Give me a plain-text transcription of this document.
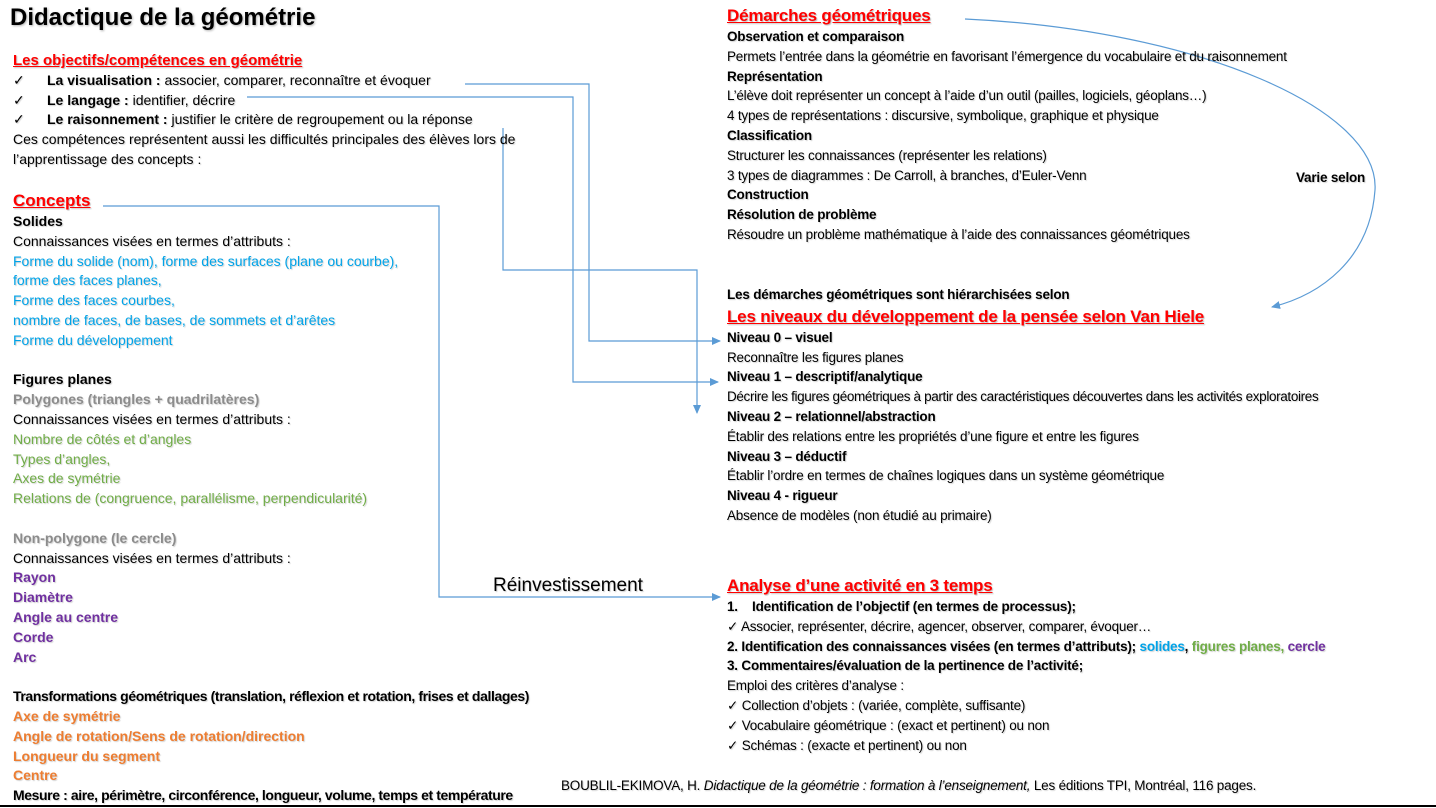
Didactique de la géométrie
Les objectifs/compétences en géométrie
✓ La visualisation : associer, comparer, reconnaître et évoquer
✓ Le langage : identifier, décrire
✓ Le raisonnement : justifier le critère de regroupement ou la réponse
Ces compétences représentent aussi les difficultés principales des élèves lors de
l’apprentissage des concepts :
Concepts
Solides
Connaissances visées en termes d’attributs :
Forme du solide (nom), forme des surfaces (plane ou courbe),
forme des faces planes,
Forme des faces courbes,
nombre de faces, de bases, de sommets et d’arêtes
Forme du développement

Figures planes
Polygones (triangles + quadrilatères)
Connaissances visées en termes d’attributs :
Nombre de côtés et d’angles
Types d’angles,
Axes de symétrie
Relations de (congruence, parallélisme, perpendicularité)

Non-polygone (le cercle)
Connaissances visées en termes d’attributs :
Rayon
Diamètre
Angle au centre
Corde
Arc

Transformations géométriques (translation, réflexion et rotation, frises et dallages)
Axe de symétrie
Angle de rotation/Sens de rotation/direction
Longueur du segment
Centre
Mesure : aire, périmètre, circonférence, longueur, volume, temps et température
Démarches géométriques
Observation et comparaison
Permets l’entrée dans la géométrie en favorisant l’émergence du vocabulaire et du raisonnement
Représentation
L’élève doit représenter un concept à l’aide d’un outil (pailles, logiciels, géoplans…)
4 types de représentations : discursive, symbolique, graphique et physique
Classification
Structurer les connaissances (représenter les relations)
3 types de diagrammes : De Carroll, à branches, d’Euler-Venn
Construction
Résolution de problème
Résoudre un problème mathématique à l’aide des connaissances géométriques
Varie selon
Les démarches géométriques sont hiérarchisées selon
Les niveaux du développement de la pensée selon Van Hiele
Niveau 0 – visuel
Reconnaître les figures planes
Niveau 1 – descriptif/analytique
Décrire les figures géométriques à partir des caractéristiques découvertes dans les activités exploratoires
Niveau 2 – relationnel/abstraction
Établir des relations entre les propriétés d’une figure et entre les figures
Niveau 3 – déductif
Établir l’ordre en termes de chaînes logiques dans un système géométrique
Niveau 4 - rigueur
Absence de modèles (non étudié au primaire)
Réinvestissement	Analyse d’une activité en 3 temps
1.    Identification de l’objectif (en termes de processus);
✓ Associer, représenter, décrire, agencer, observer, comparer, évoquer…
2. Identification des connaissances visées (en termes d’attributs); solides, figures planes, cercle
3. Commentaires/évaluation de la pertinence de l’activité;
Emploi des critères d’analyse :
✓ Collection d’objets : (variée, complète, suffisante)
✓ Vocabulaire géométrique : (exact et pertinent) ou non
✓ Schémas : (exacte et pertinent) ou non
BOUBLIL-EKIMOVA, H. Didactique de la géométrie : formation à l’enseignement, Les éditions TPI, Montréal, 116 pages.
